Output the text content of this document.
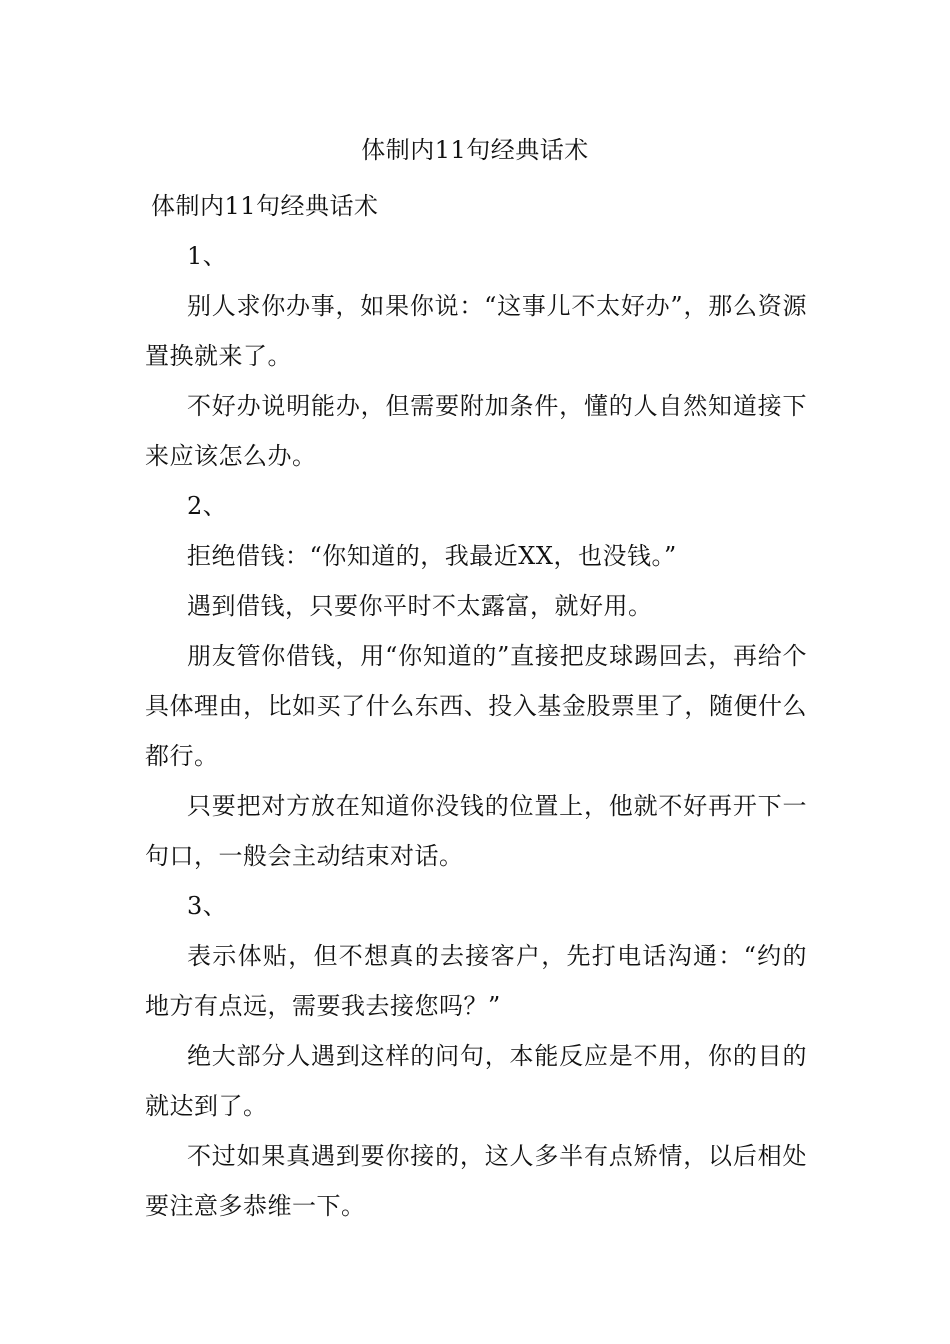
体制内11句经典话术

体制内11句经典话术

1、

别人求你办事，如果你说：“这事儿不太好办”，那么资源置换就来了。

不好办说明能办，但需要附加条件，懂的人自然知道接下来应该怎么办。

2、

拒绝借钱：“你知道的，我最近XX，也没钱。”

遇到借钱，只要你平时不太露富，就好用。

朋友管你借钱，用“你知道的”直接把皮球踢回去，再给个具体理由，比如买了什么东西、投入基金股票里了，随便什么都行。

只要把对方放在知道你没钱的位置上，他就不好再开下一句口，一般会主动结束对话。

3、

表示体贴，但不想真的去接客户，先打电话沟通：“约的地方有点远，需要我去接您吗？”

绝大部分人遇到这样的问句，本能反应是不用，你的目的就达到了。

不过如果真遇到要你接的，这人多半有点矫情，以后相处要注意多恭维一下。
